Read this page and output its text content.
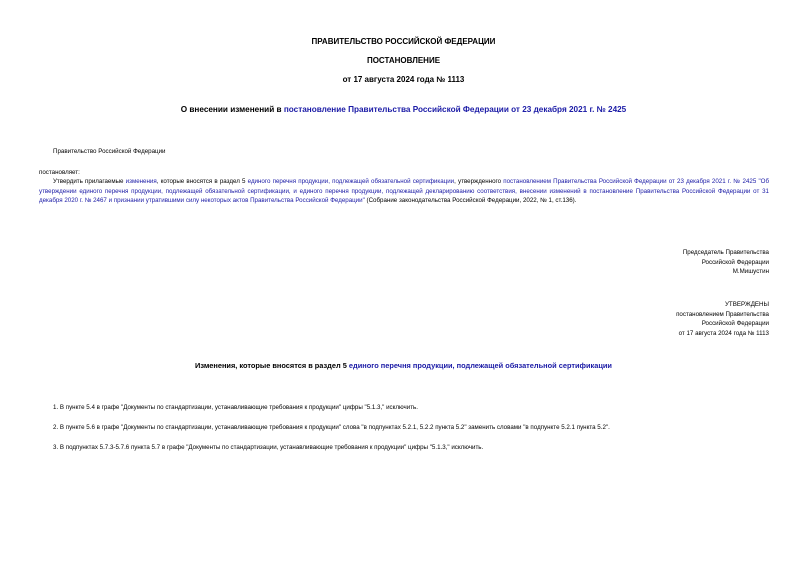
ПРАВИТЕЛЬСТВО РОССИЙСКОЙ ФЕДЕРАЦИИ
ПОСТАНОВЛЕНИЕ
от 17 августа 2024 года № 1113
О внесении изменений в постановление Правительства Российской Федерации от 23 декабря 2021 г. № 2425
Правительство Российской Федерации
постановляет:
Утвердить прилагаемые изменения, которые вносятся в раздел 5 единого перечня продукции, подлежащей обязательной сертификации, утвержденного постановлением Правительства Российской Федерации от 23 декабря 2021 г. № 2425 "Об утверждении единого перечня продукции, подлежащей обязательной сертификации, и единого перечня продукции, подлежащей декларированию соответствия, внесении изменений в постановление Правительства Российской Федерации от 31 декабря 2020 г. № 2467 и признании утратившими силу некоторых актов Правительства Российской Федерации" (Собрание законодательства Российской Федерации, 2022, № 1, ст.136).
Председатель Правительства
Российской Федерации
М.Мишустин
УТВЕРЖДЕНЫ
постановлением Правительства
Российской Федерации
от 17 августа 2024 года № 1113
Изменения, которые вносятся в раздел 5 единого перечня продукции, подлежащей обязательной сертификации
1. В пункте 5.4 в графе "Документы по стандартизации, устанавливающие требования к продукции" цифры "5.1.3," исключить.
2. В пункте 5.6 в графе "Документы по стандартизации, устанавливающие требования к продукции" слова "в подпунктах 5.2.1, 5.2.2 пункта 5.2" заменить словами "в подпункте 5.2.1 пункта 5.2".
3. В подпунктах 5.7.3-5.7.6 пункта 5.7 в графе "Документы по стандартизации, устанавливающие требования к продукции" цифры "5.1.3," исключить.
